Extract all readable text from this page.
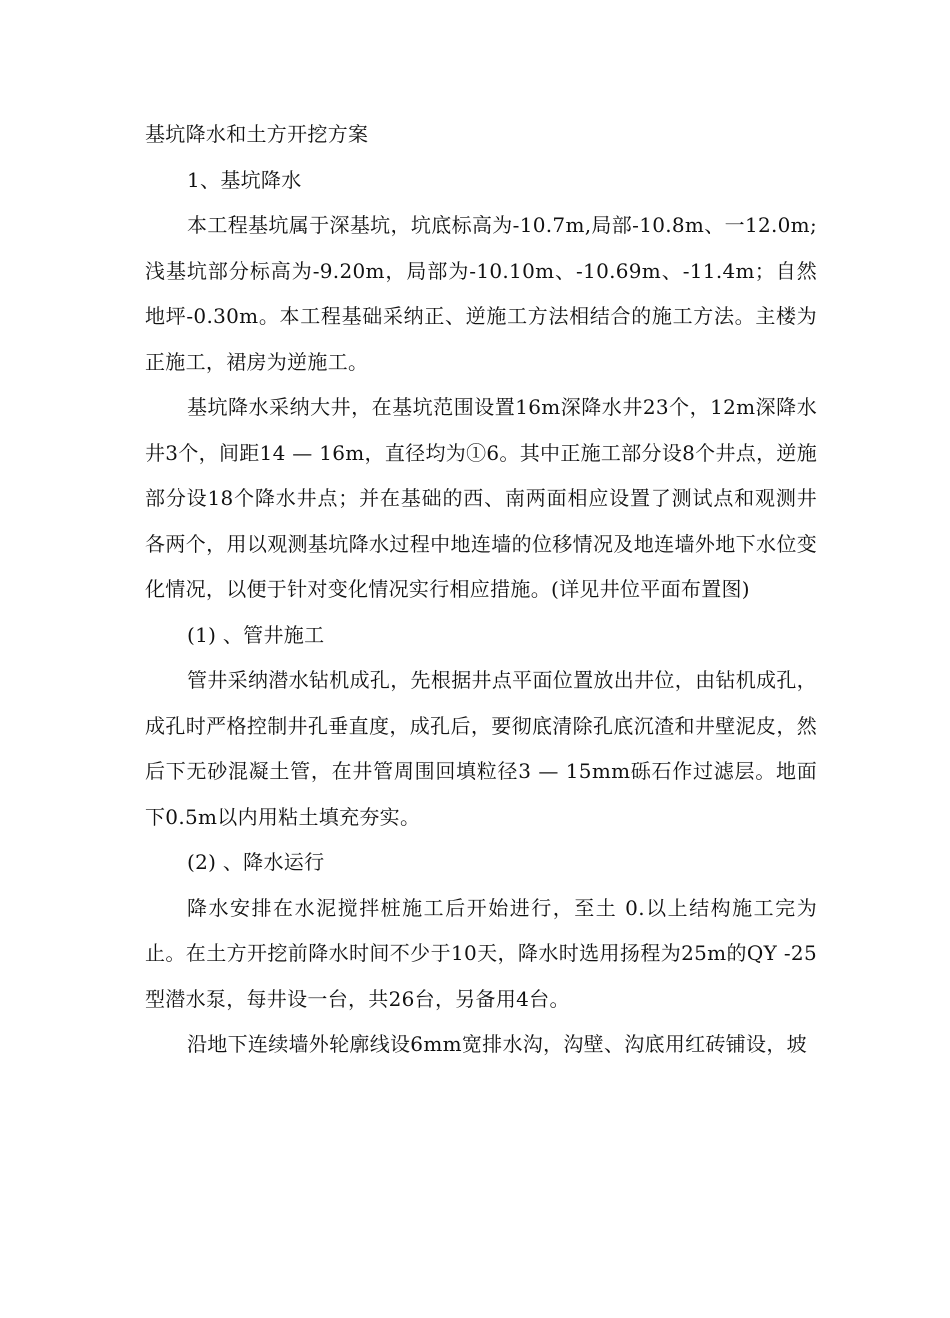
基坑降水和土方开挖方案

1、基坑降水

本工程基坑属于深基坑，坑底标高为-10.7m,局部-10.8m、一12.0m;浅基坑部分标高为-9.20m，局部为-10.10m、-10.69m、-11.4m；自然地坪-0.30m。本工程基础采纳正、逆施工方法相结合的施工方法。主楼为正施工，裙房为逆施工。

基坑降水采纳大井，在基坑范围设置16m深降水井23个，12m深降水井3个，间距14 — 16m，直径均为①6。其中正施工部分设8个井点，逆施部分设18个降水井点；并在基础的西、南两面相应设置了测试点和观测井各两个，用以观测基坑降水过程中地连墙的位移情况及地连墙外地下水位变化情况，以便于针对变化情况实行相应措施。(详见井位平面布置图)

(1) 、管井施工

管井采纳潜水钻机成孔，先根据井点平面位置放出井位，由钻机成孔，成孔时严格控制井孔垂直度，成孔后，要彻底清除孔底沉渣和井壁泥皮，然后下无砂混凝土管，在井管周围回填粒径3 — 15mm砾石作过滤层。地面下0.5m以内用粘土填充夯实。

(2) 、降水运行

降水安排在水泥搅拌桩施工后开始进行，至土 0.以上结构施工完为止。在土方开挖前降水时间不少于10天，降水时选用扬程为25m的QY -25型潜水泵，每井设一台，共26台，另备用4台。

沿地下连续墙外轮廓线设6mm宽排水沟，沟壁、沟底用红砖铺设，坡
